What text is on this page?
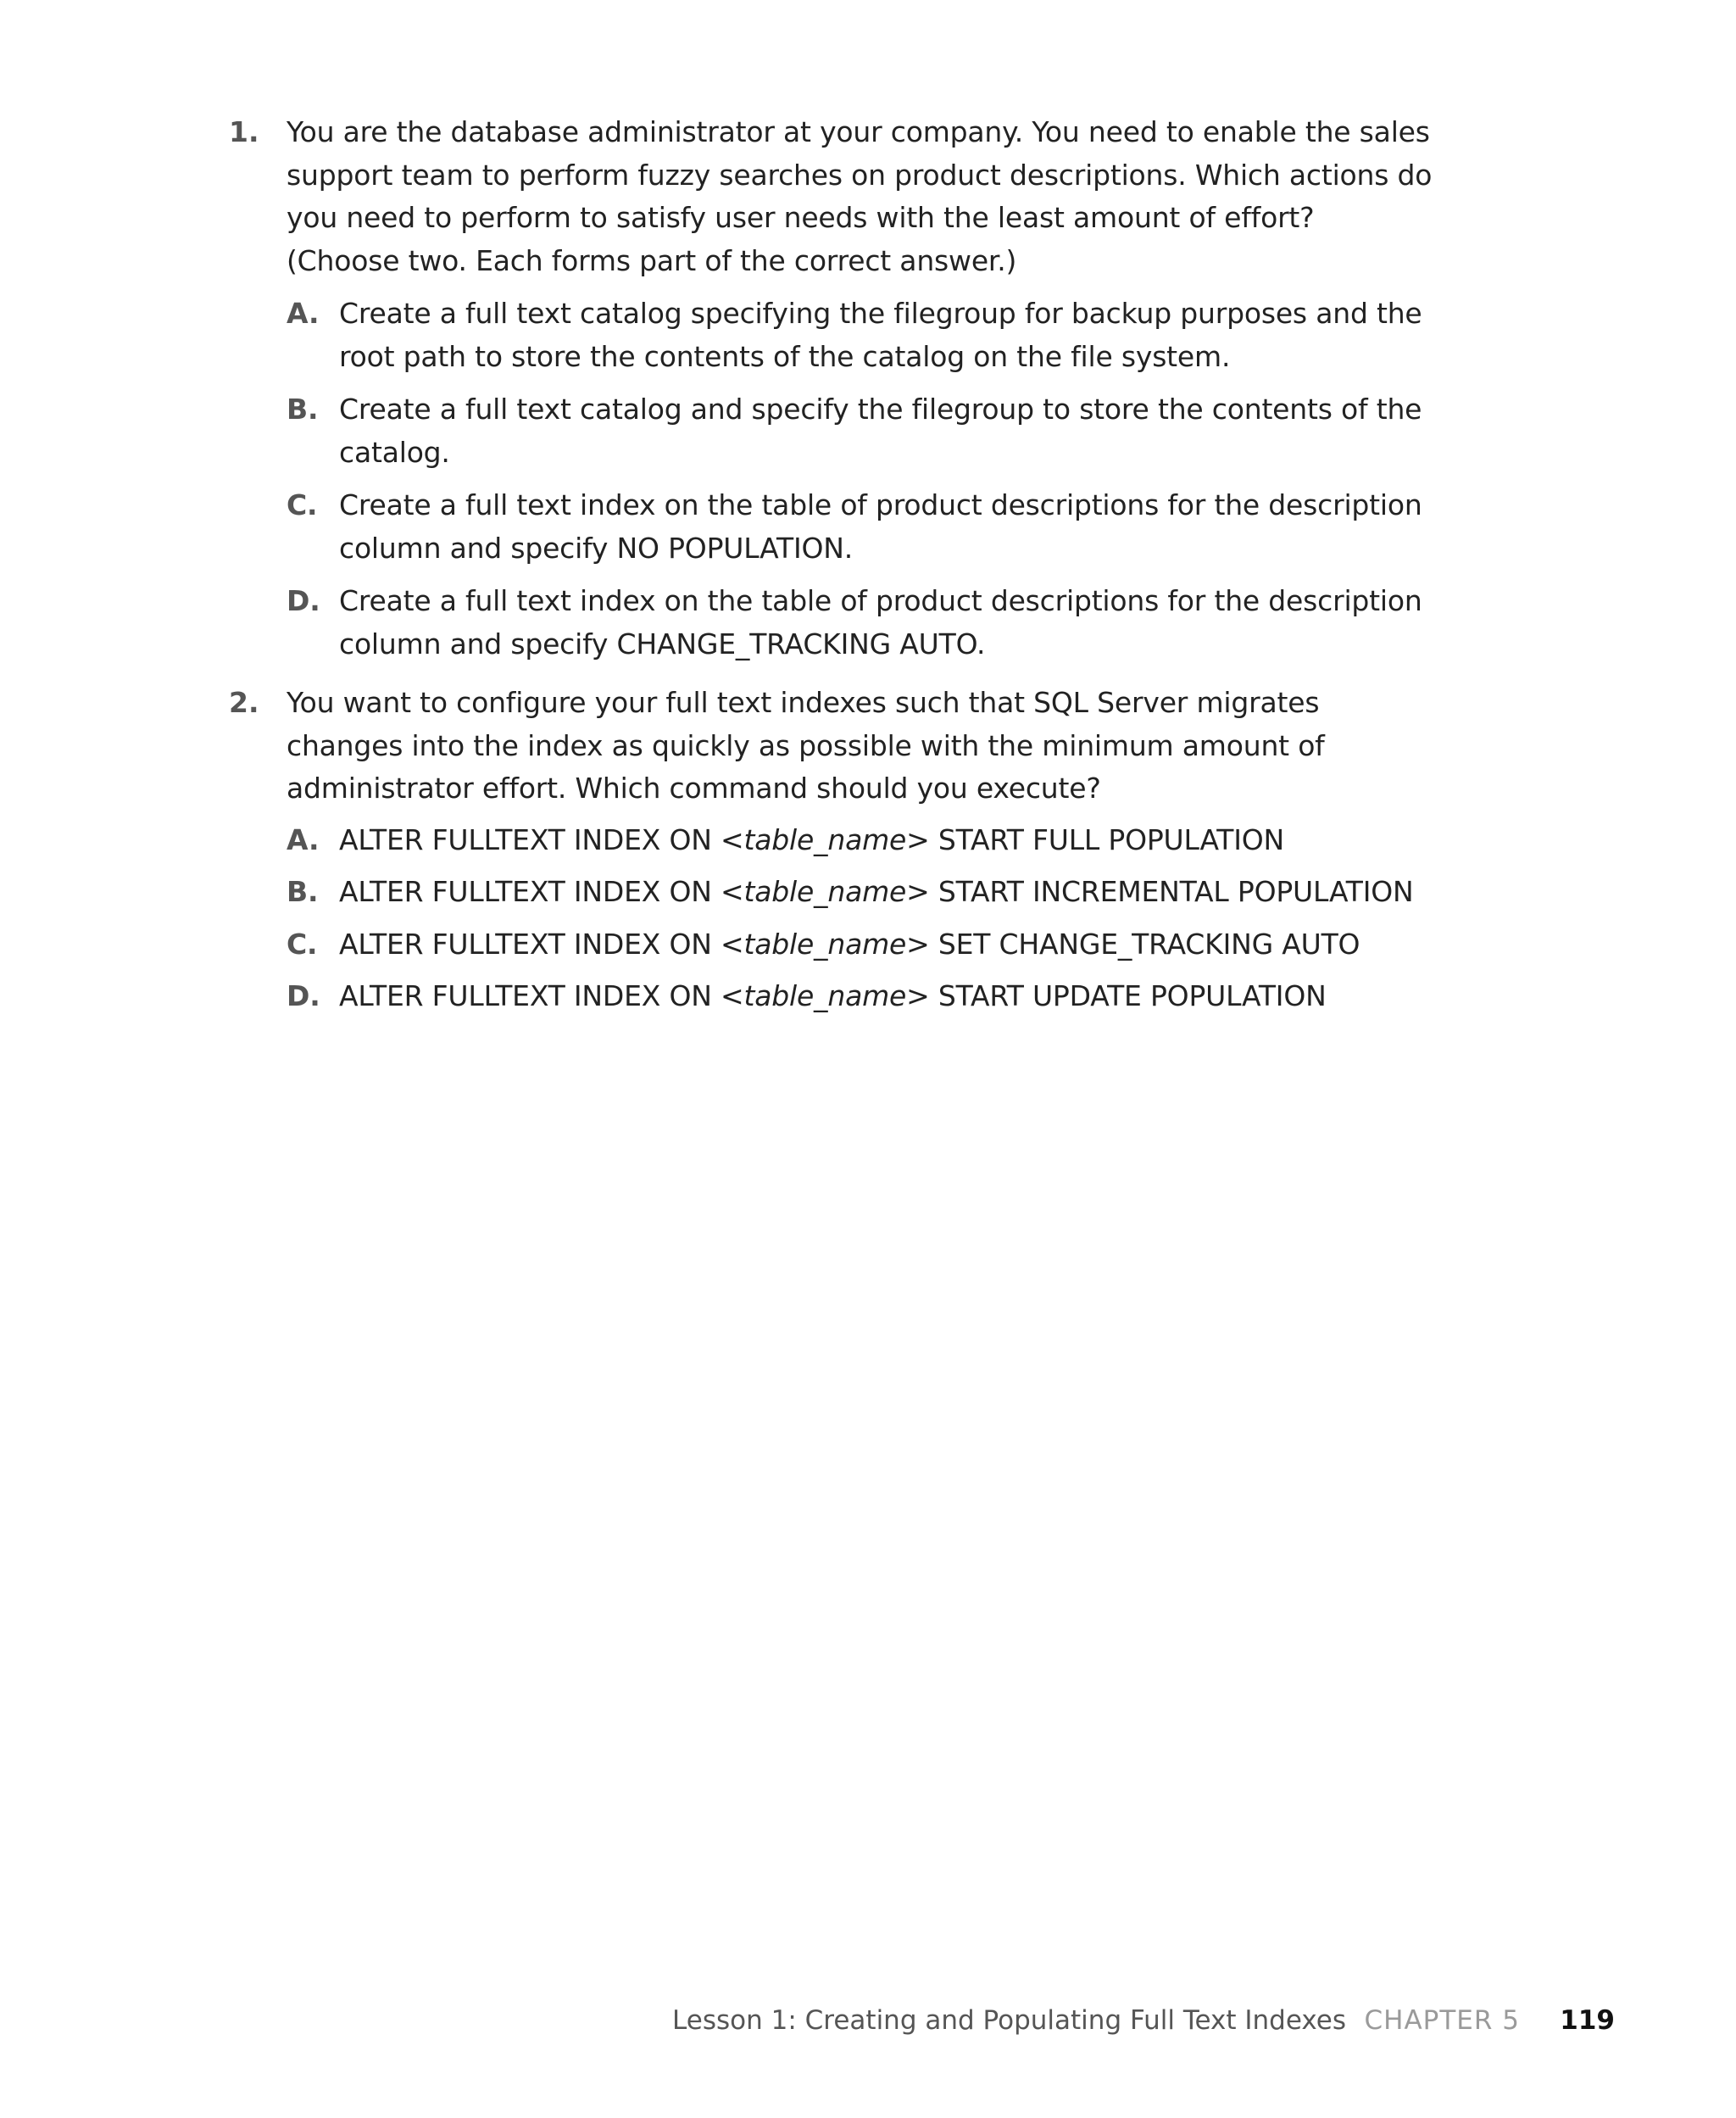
1. You are the database administrator at your company. You need to enable the sales support team to perform fuzzy searches on product descriptions. Which actions do you need to perform to satisfy user needs with the least amount of effort? (Choose two. Each forms part of the correct answer.)
A. Create a full text catalog specifying the filegroup for backup purposes and the root path to store the contents of the catalog on the file system.
B. Create a full text catalog and specify the filegroup to store the contents of the catalog.
C. Create a full text index on the table of product descriptions for the description column and specify NO POPULATION.
D. Create a full text index on the table of product descriptions for the description column and specify CHANGE_TRACKING AUTO.
2. You want to configure your full text indexes such that SQL Server migrates changes into the index as quickly as possible with the minimum amount of administrator effort. Which command should you execute?
A. ALTER FULLTEXT INDEX ON <table_name> START FULL POPULATION
B. ALTER FULLTEXT INDEX ON <table_name> START INCREMENTAL POPULATION
C. ALTER FULLTEXT INDEX ON <table_name> SET CHANGE_TRACKING AUTO
D. ALTER FULLTEXT INDEX ON <table_name> START UPDATE POPULATION
Lesson 1: Creating and Populating Full Text Indexes CHAPTER 5 119
